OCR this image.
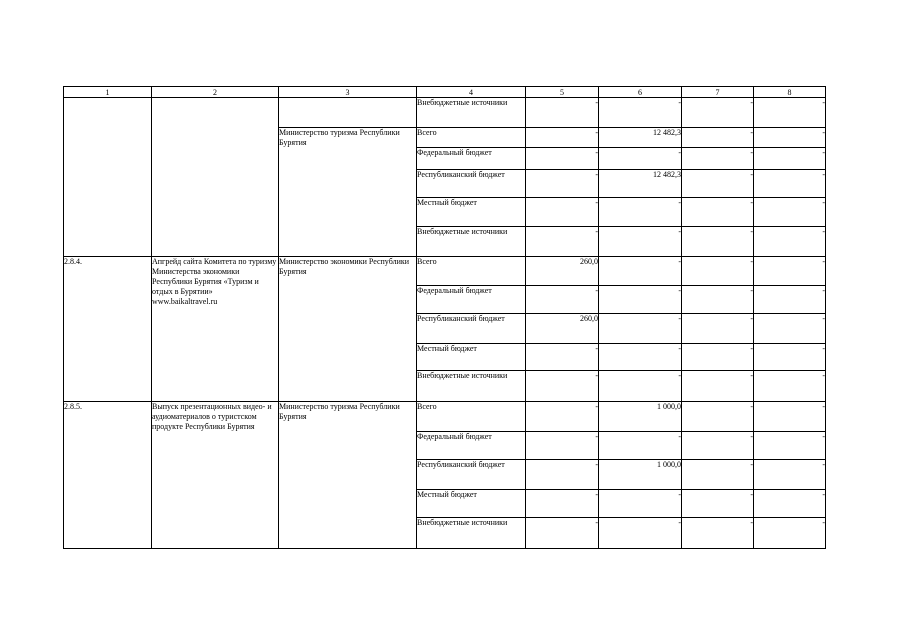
1	2	3	4	5	6	7	8
			Внебюджетные источники	-	-	-	-
		Министерство туризма Республики Бурятия	Всего	-	12 482,3	-	-
			Федеральный бюджет	-	-	-	-
			Республиканский бюджет	-	12 482,3	-	-
			Местный бюджет	-	-	-	-
			Внебюджетные источники	-	-	-	-
2.8.4.	Апгрейд сайта Комитета по туризму Министерства экономики Республики Бурятия «Туризм и отдых в Бурятии» www.baikaltravel.ru	Министерство экономики Республики Бурятия	Всего	260,0	-	-	-
			Федеральный бюджет	-	-	-	-
			Республиканский бюджет	260,0	-	-	-
			Местный бюджет	-	-	-	-
			Внебюджетные источники	-	-	-	-
2.8.5.	Выпуск презентационных видео- и аудиоматериалов о туристском продукте Республики Бурятия	Министерство туризма Республики Бурятия	Всего	-	1 000,0	-	-
			Федеральный бюджет	-	-	-	-
			Республиканский бюджет	-	1 000,0	-	-
			Местный бюджет	-	-	-	-
			Внебюджетные источники	-	-	-	-
